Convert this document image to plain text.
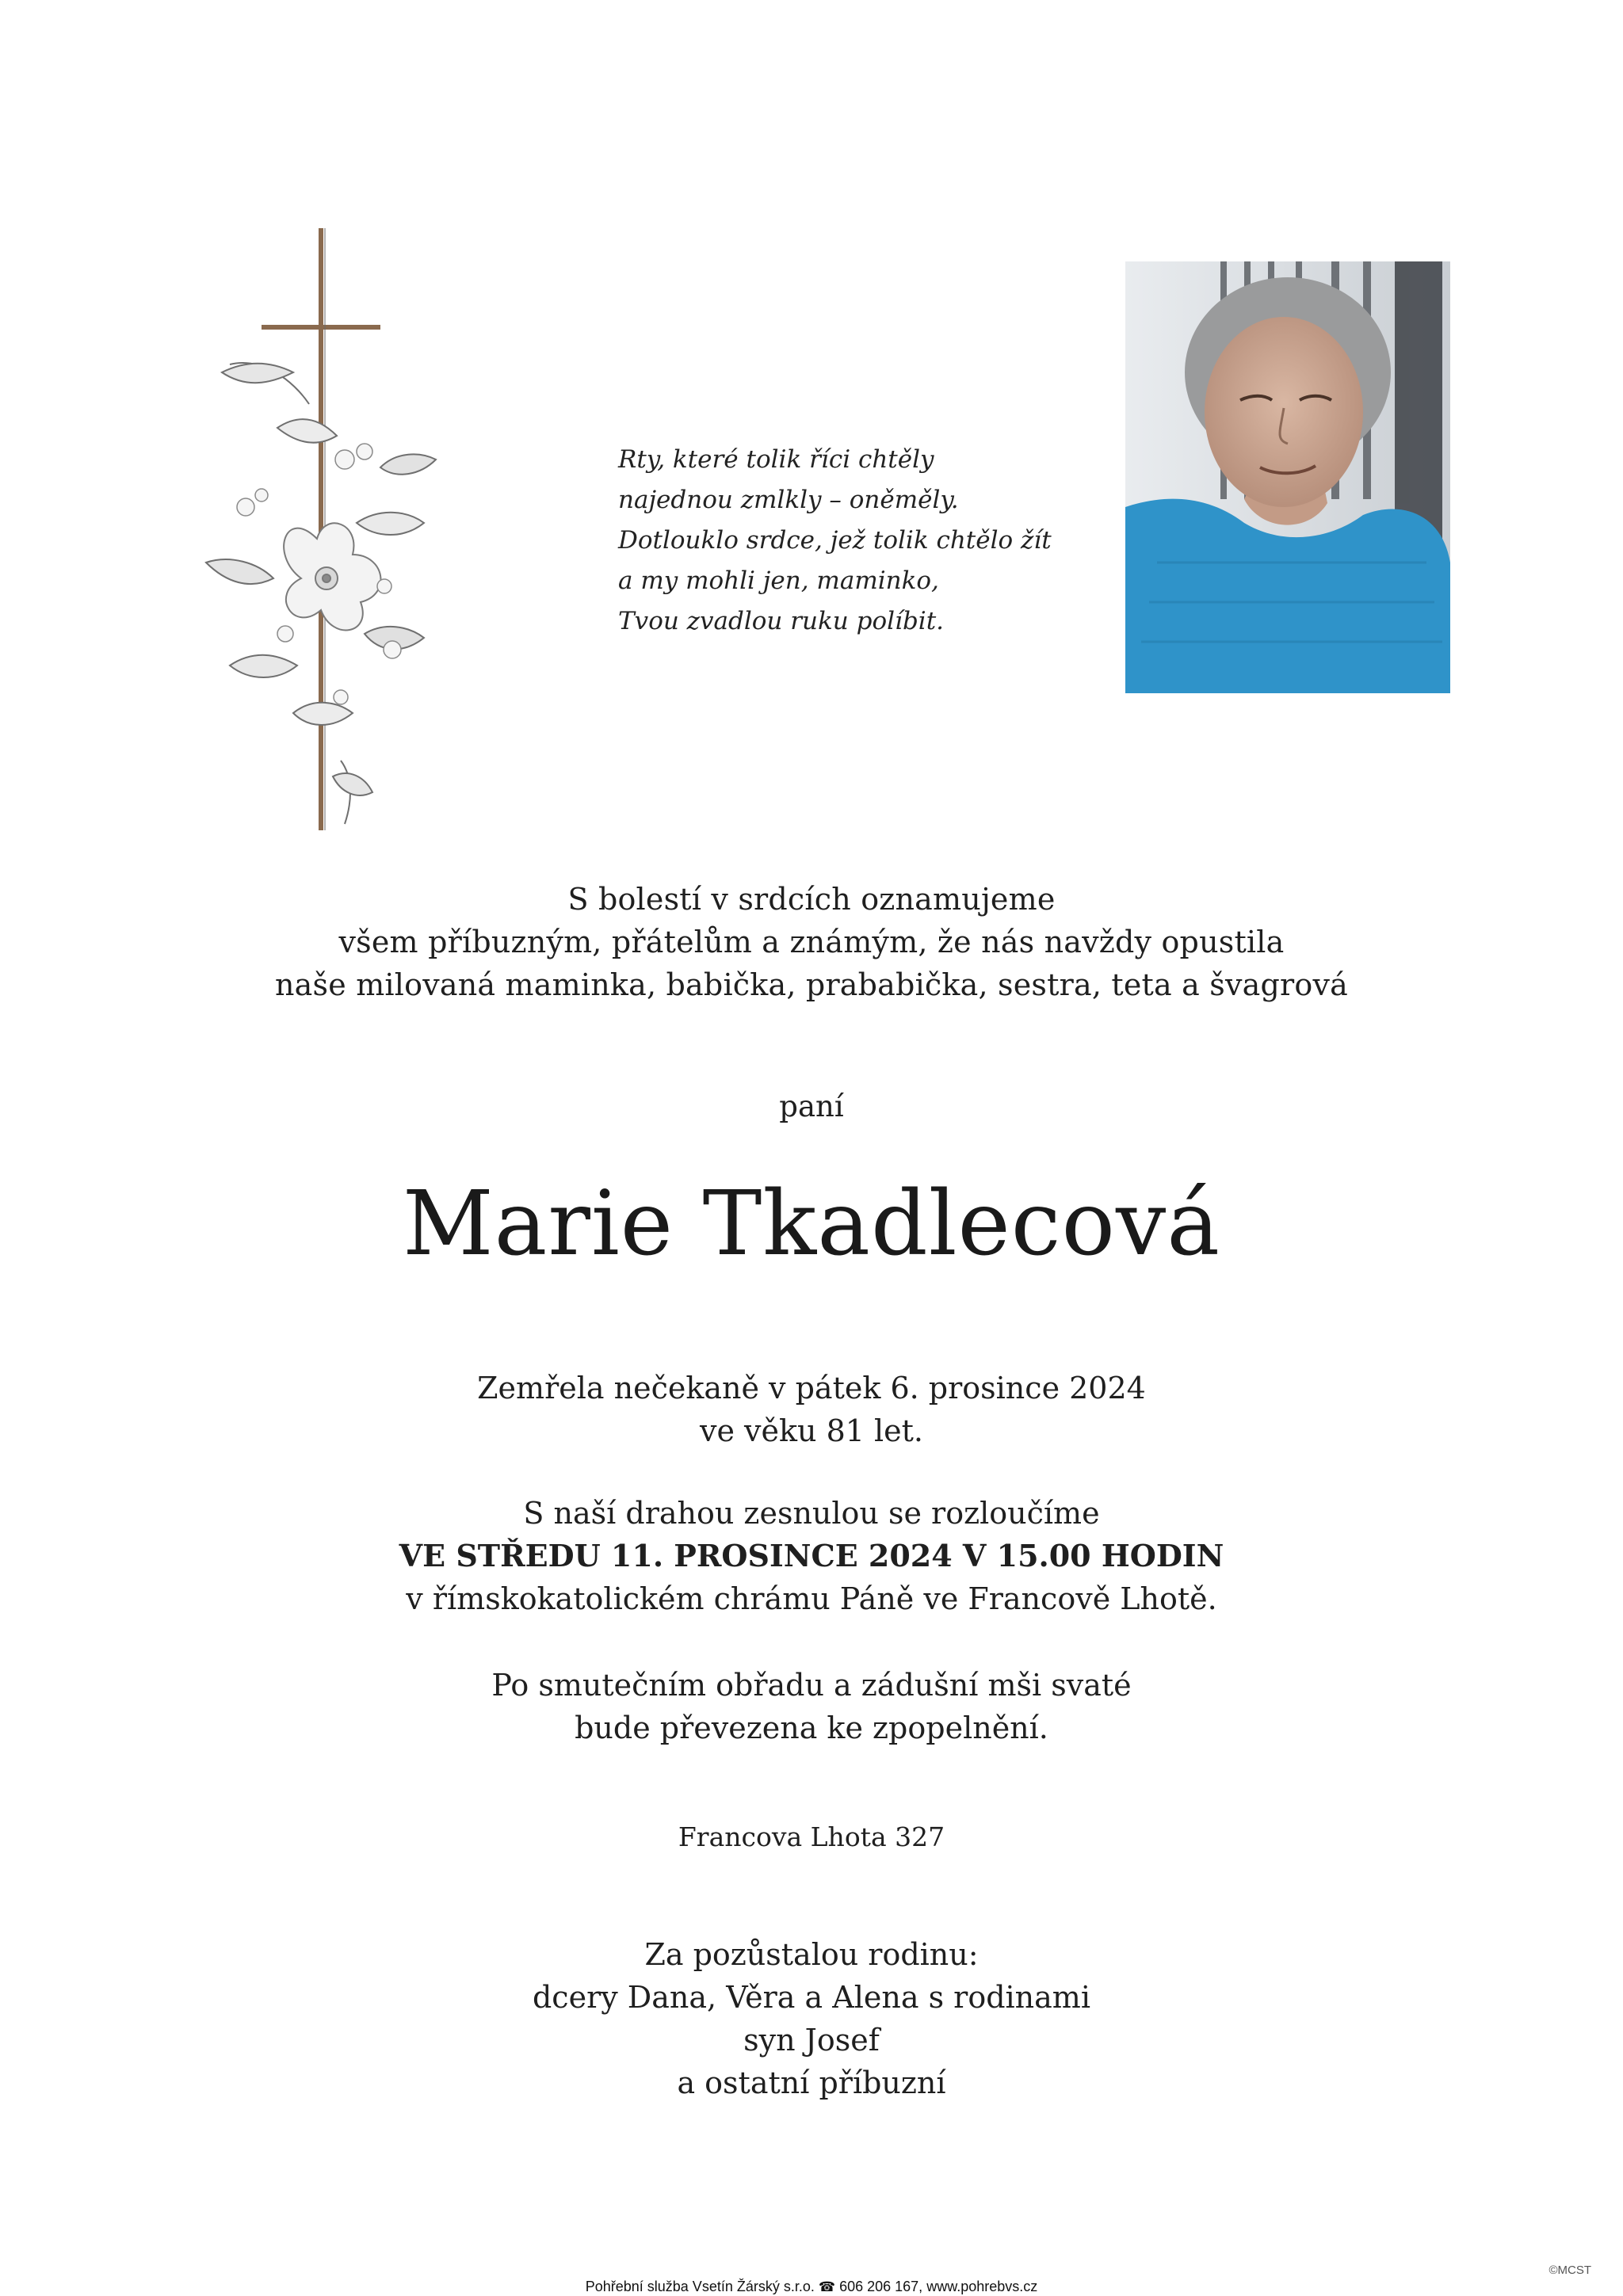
Rty, které tolik říci chtěly
najednou zmlkly – oněměly.
Dotlouklo srdce, jež tolik chtělo žít
a my mohli jen, maminko,
Tvou zvadlou ruku políbit.
S bolestí v srdcích oznamujeme
všem příbuzným, přátelům a známým, že nás navždy opustila
naše milovaná maminka, babička, prababička, sestra, teta a švagrová
paní
Marie Tkadlecová
Zemřela nečekaně v pátek 6. prosince 2024
ve věku 81 let.
S naší drahou zesnulou se rozloučíme
VE STŘEDU 11. PROSINCE 2024 V 15.00 HODIN
v římskokatolickém chrámu Páně ve Francově Lhotě.
Po smutečním obřadu a zádušní mši svaté
bude převezena ke zpopelnění.
Francova Lhota 327
Za pozůstalou rodinu:
dcery Dana, Věra a Alena s rodinami
syn Josef
a ostatní příbuzní
Pohřební služba Vsetín Žárský s.r.o. ☎ 606 206 167, www.pohrebvs.cz
©MCST
